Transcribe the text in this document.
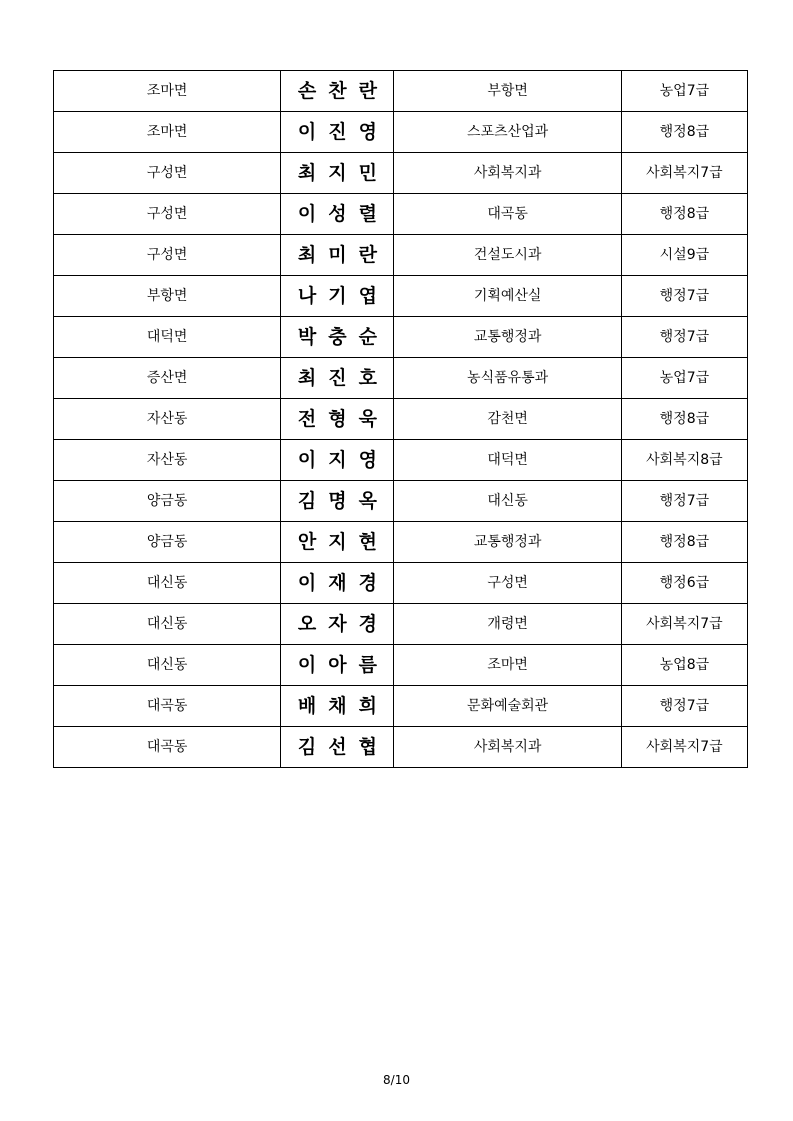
조마면	손찬란	부항면	농업7급
조마면	이진영	스포츠산업과	행정8급
구성면	최지민	사회복지과	사회복지7급
구성면	이성렬	대곡동	행정8급
구성면	최미란	건설도시과	시설9급
부항면	나기엽	기획예산실	행정7급
대덕면	박충순	교통행정과	행정7급
증산면	최진호	농식품유통과	농업7급
자산동	전형욱	감천면	행정8급
자산동	이지영	대덕면	사회복지8급
양금동	김명옥	대신동	행정7급
양금동	안지현	교통행정과	행정8급
대신동	이재경	구성면	행정6급
대신동	오자경	개령면	사회복지7급
대신동	이아름	조마면	농업8급
대곡동	배채희	문화예술회관	행정7급
대곡동	김선협	사회복지과	사회복지7급
8/10
